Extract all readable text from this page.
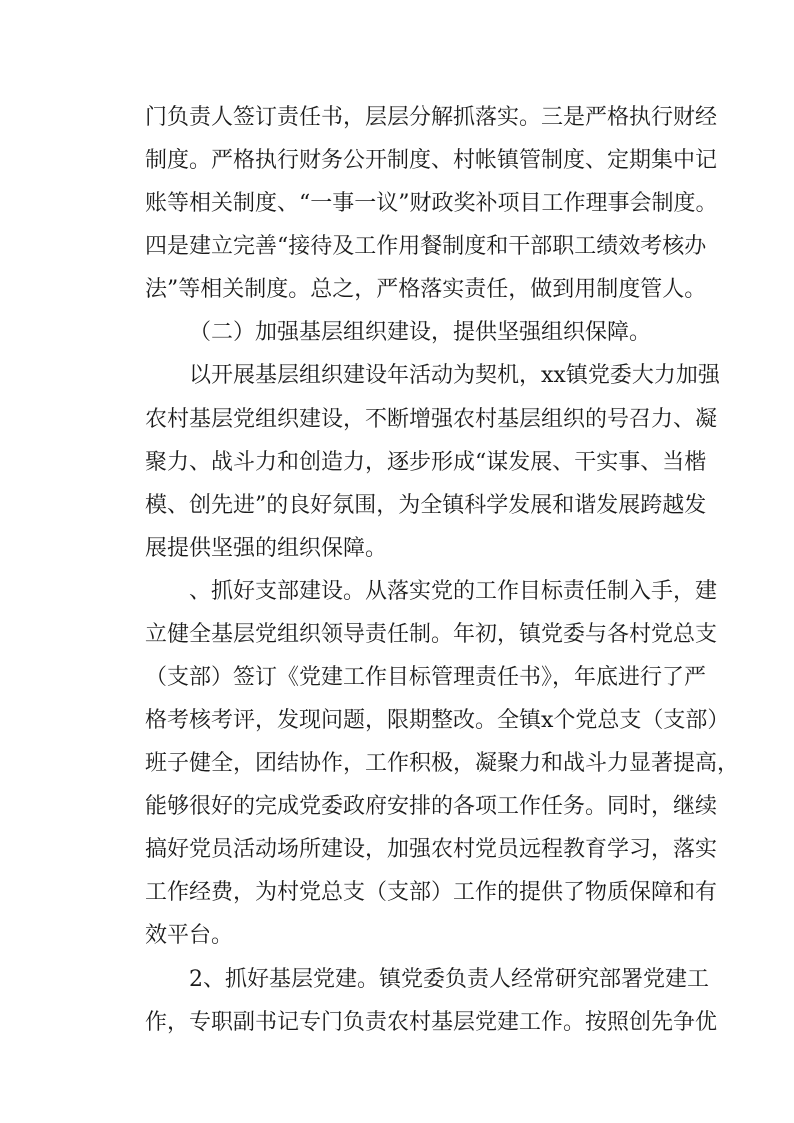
门负责人签订责任书，层层分解抓落实。三是严格执行财经
制度。严格执行财务公开制度、村帐镇管制度、定期集中记
账等相关制度、“一事一议”财政奖补项目工作理事会制度。
四是建立完善“接待及工作用餐制度和干部职工绩效考核办
法”等相关制度。总之，严格落实责任，做到用制度管人。
（二）加强基层组织建设，提供坚强组织保障。
以开展基层组织建设年活动为契机，xx镇党委大力加强
农村基层党组织建设，不断增强农村基层组织的号召力、凝
聚力、战斗力和创造力，逐步形成“谋发展、干实事、当楷
模、创先进”的良好氛围，为全镇科学发展和谐发展跨越发
展提供坚强的组织保障。
、抓好支部建设。从落实党的工作目标责任制入手，建
立健全基层党组织领导责任制。年初，镇党委与各村党总支
（支部）签订《党建工作目标管理责任书》，年底进行了严
格考核考评，发现问题，限期整改。全镇x个党总支（支部）
班子健全，团结协作，工作积极，凝聚力和战斗力显著提高，
能够很好的完成党委政府安排的各项工作任务。同时，继续
搞好党员活动场所建设，加强农村党员远程教育学习，落实
工作经费，为村党总支（支部）工作的提供了物质保障和有
效平台。
2、抓好基层党建。镇党委负责人经常研究部署党建工
作，专职副书记专门负责农村基层党建工作。按照创先争优
